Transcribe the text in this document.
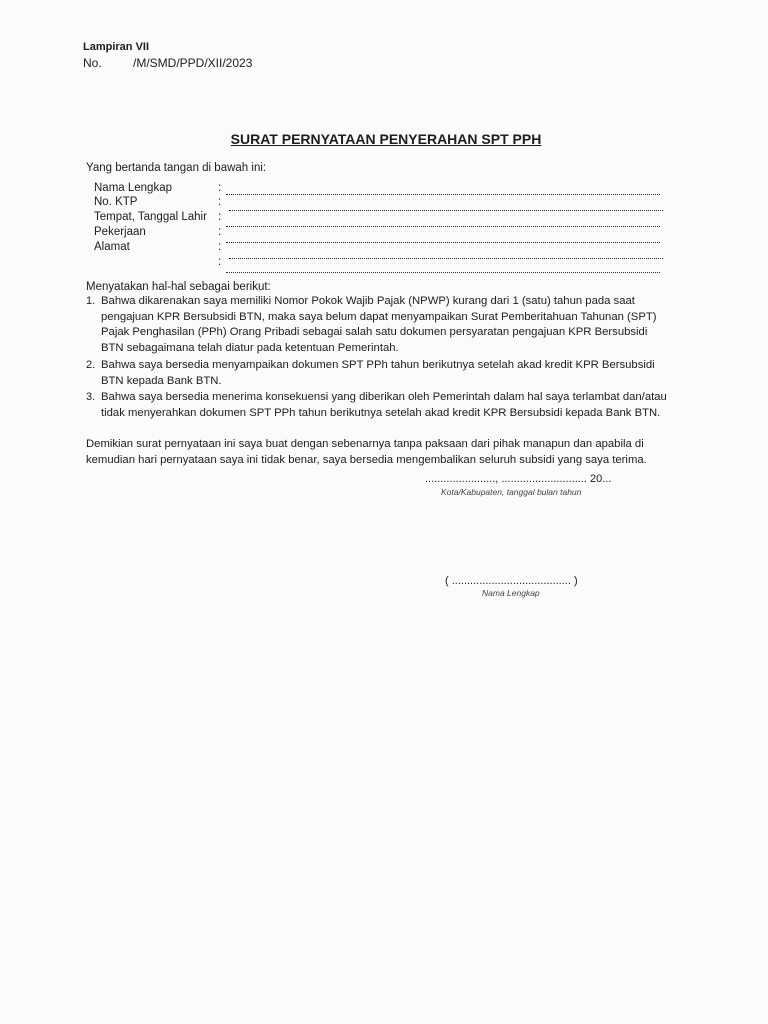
Lampiran VII
No.	/M/SMD/PPD/XII/2023
SURAT PERNYATAAN PENYERAHAN SPT PPH
Yang bertanda tangan di bawah ini:
Nama Lengkap
No. KTP
Tempat, Tanggal Lahir
Pekerjaan
Alamat
:
:
:
:
:
:
Menyatakan hal-hal sebagai berikut:
1. Bahwa dikarenakan saya memiliki Nomor Pokok Wajib Pajak (NPWP) kurang dari 1 (satu) tahun pada saat pengajuan KPR Bersubsidi BTN, maka saya belum dapat menyampaikan Surat Pemberitahuan Tahunan (SPT) Pajak Penghasilan (PPh) Orang Pribadi sebagai salah satu dokumen persyaratan pengajuan KPR Bersubsidi BTN sebagaimana telah diatur pada ketentuan Pemerintah.
2. Bahwa saya bersedia menyampaikan dokumen SPT PPh tahun berikutnya setelah akad kredit KPR Bersubsidi BTN kepada Bank BTN.
3. Bahwa saya bersedia menerima konsekuensi yang diberikan oleh Pemerintah dalam hal saya terlambat dan/atau tidak menyerahkan dokumen SPT PPh tahun berikutnya setelah akad kredit KPR Bersubsidi kepada Bank BTN.
Demikian surat pernyataan ini saya buat dengan sebenarnya tanpa paksaan dari pihak manapun dan apabila di kemudian hari pernyataan saya ini tidak benar, saya bersedia mengembalikan seluruh subsidi yang saya terima.
......................., ............................ 20...
Kota/Kabupaten, tanggal bulan tahun
( ....................................... )
Nama Lengkap
